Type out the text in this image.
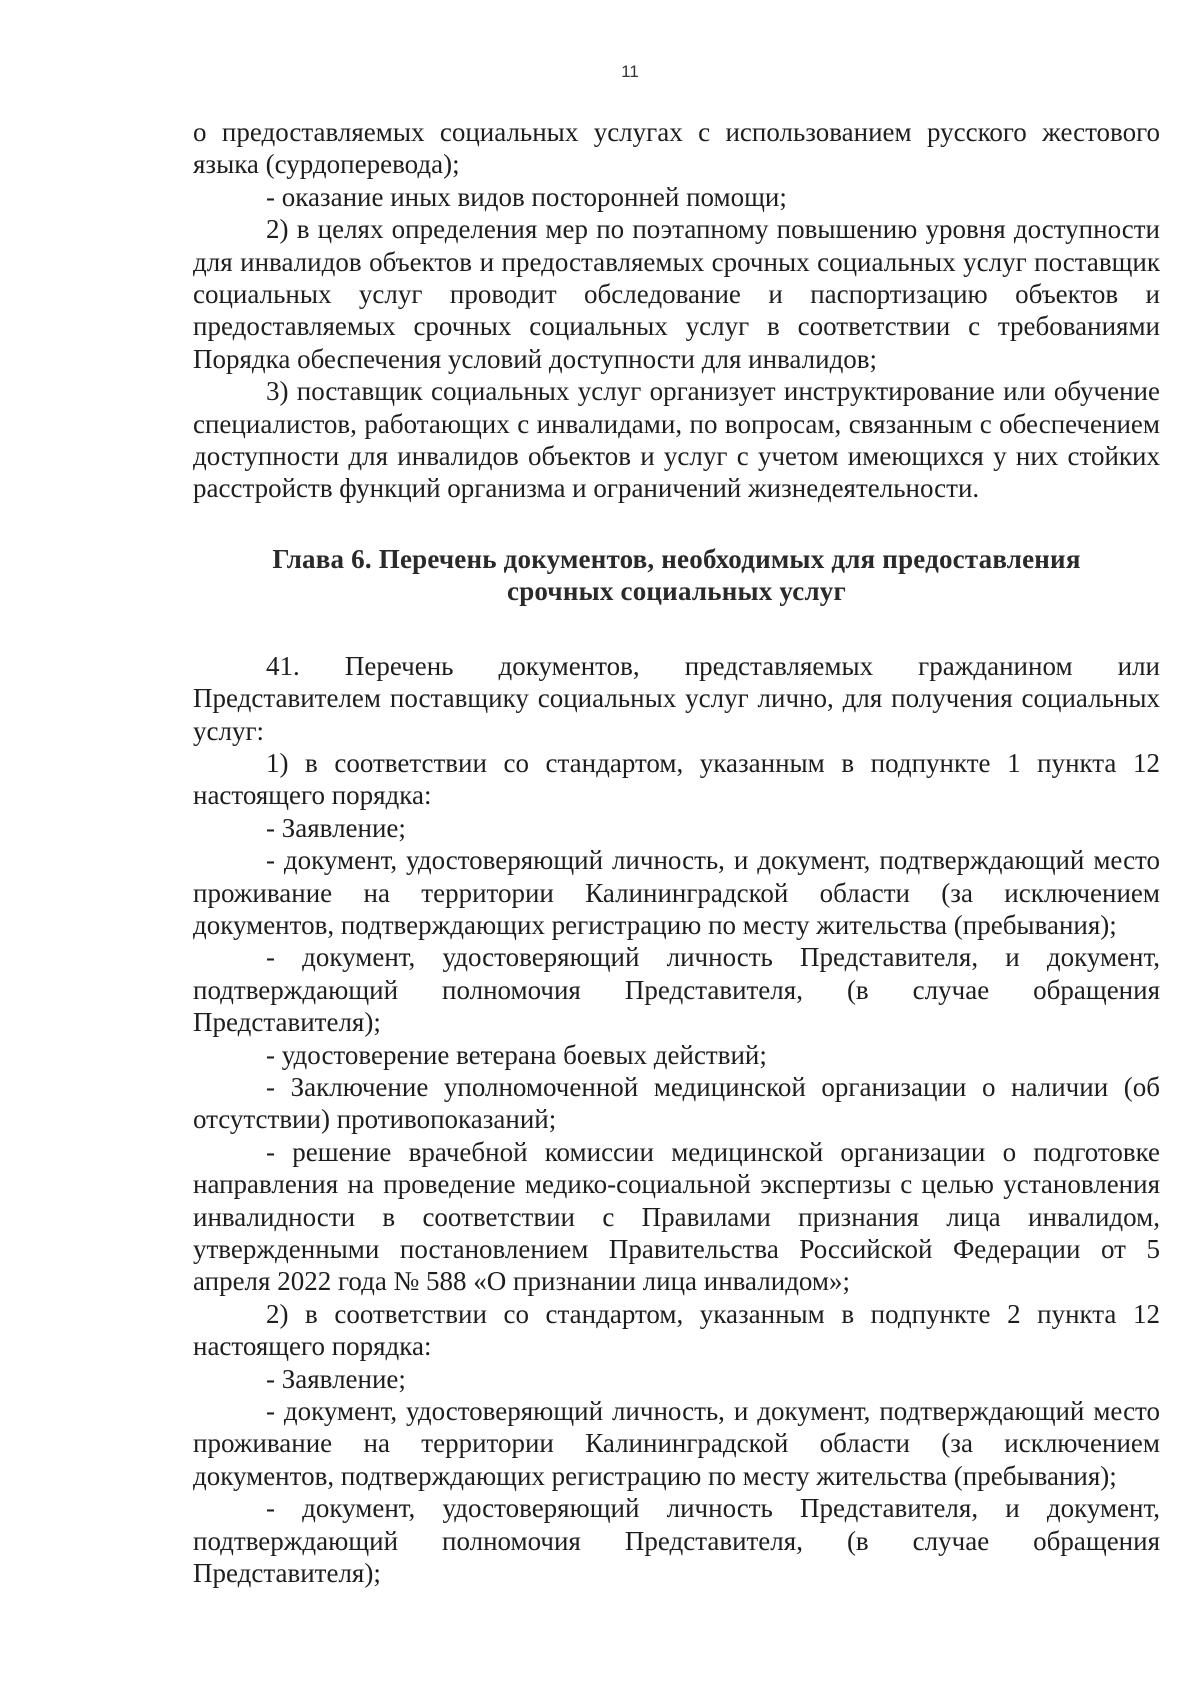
11

о предоставляемых социальных услугах с использованием русского жестового языка (сурдоперевода);

- оказание иных видов посторонней помощи;

2) в целях определения мер по поэтапному повышению уровня доступности для инвалидов объектов и предоставляемых срочных социальных услуг поставщик социальных услуг проводит обследование и паспортизацию объектов и предоставляемых срочных социальных услуг в соответствии с требованиями Порядка обеспечения условий доступности для инвалидов;

3) поставщик социальных услуг организует инструктирование или обучение специалистов, работающих с инвалидами, по вопросам, связанным с обеспечением доступности для инвалидов объектов и услуг с учетом имеющихся у них стойких расстройств функций организма и ограничений жизнедеятельности.

Глава 6. Перечень документов, необходимых для предоставления
срочных социальных услуг

41. Перечень документов, представляемых гражданином или Представителем поставщику социальных услуг лично, для получения социальных услуг:

1) в соответствии со стандартом, указанным в подпункте 1 пункта 12 настоящего порядка:

- Заявление;

- документ, удостоверяющий личность, и документ, подтверждающий место проживание на территории Калининградской области (за исключением документов, подтверждающих регистрацию по месту жительства (пребывания);

- документ, удостоверяющий личность Представителя, и документ, подтверждающий полномочия Представителя, (в случае обращения Представителя);

- удостоверение ветерана боевых действий;

- Заключение уполномоченной медицинской организации о наличии (об отсутствии) противопоказаний;

- решение врачебной комиссии медицинской организации о подготовке направления на проведение медико-социальной экспертизы с целью установления инвалидности в соответствии с Правилами признания лица инвалидом, утвержденными постановлением Правительства Российской Федерации от 5 апреля 2022 года № 588 «О признании лица инвалидом»;

2) в соответствии со стандартом, указанным в подпункте 2 пункта 12 настоящего порядка:

- Заявление;

- документ, удостоверяющий личность, и документ, подтверждающий место проживание на территории Калининградской области (за исключением документов, подтверждающих регистрацию по месту жительства (пребывания);

- документ, удостоверяющий личность Представителя, и документ, подтверждающий полномочия Представителя, (в случае обращения Представителя);
